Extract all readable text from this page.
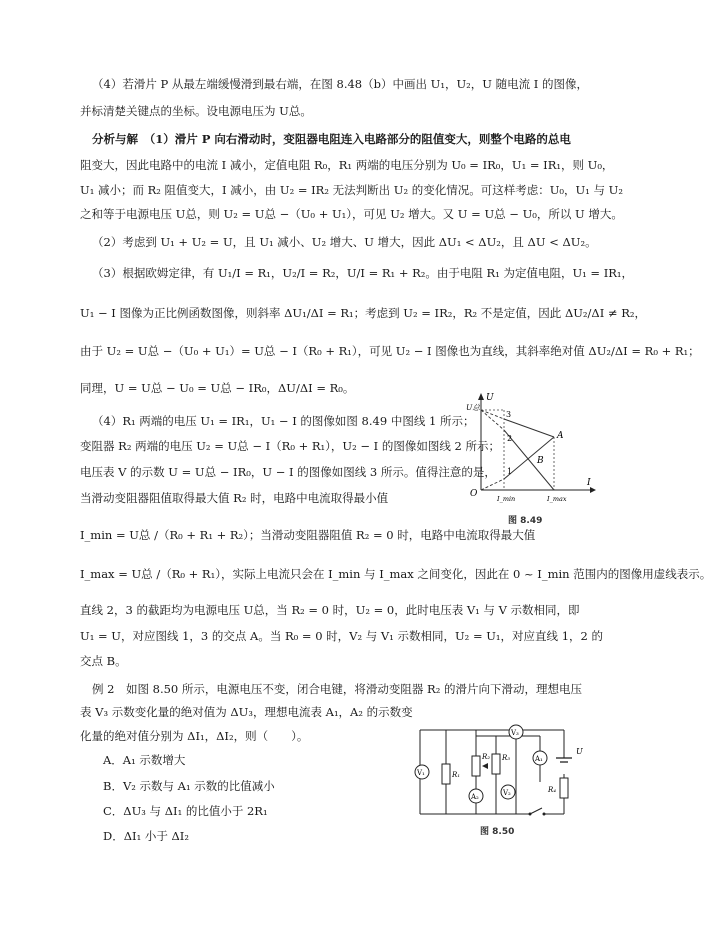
（4）若滑片 P 从最左端缓慢滑到最右端，在图 8.48（b）中画出 U₁，U₂，U 随电流 I 的图像，
并标清楚关键点的坐标。设电源电压为 U总。
分析与解　（1）滑片 P 向右滑动时，变阻器电阻连入电路部分的阻值变大，则整个电路的总电
阻变大，因此电路中的电流 I 减小，定值电阻 R₀，R₁ 两端的电压分别为 U₀ = IR₀，U₁ = IR₁，则 U₀，
U₁ 减小；而 R₂ 阻值变大，I 减小，由 U₂ = IR₂ 无法判断出 U₂ 的变化情况。可这样考虑：U₀，U₁ 与 U₂
之和等于电源电压 U总，则 U₂ = U总 −（U₀ + U₁），可见 U₂ 增大。又 U = U总 − U₀，所以 U 增大。
（2）考虑到 U₁ + U₂ = U，且 U₁ 减小、U₂ 增大、U 增大，因此 ΔU₁ < ΔU₂，且 ΔU < ΔU₂。
（3）根据欧姆定律，有 U₁/I = R₁，U₂/I = R₂，U/I = R₁ + R₂。由于电阻 R₁ 为定值电阻，U₁ = IR₁，
U₁ − I 图像为正比例函数图像，则斜率 ΔU₁/ΔI = R₁；考虑到 U₂ = IR₂，R₂ 不是定值，因此 ΔU₂/ΔI ≠ R₂，
由于 U₂ = U总 −（U₀ + U₁）= U总 − I（R₀ + R₁），可见 U₂ − I 图像也为直线，其斜率绝对值 ΔU₂/ΔI = R₀ + R₁；
同理，U = U总 − U₀ = U总 − IR₀，ΔU/ΔI = R₀。
（4）R₁ 两端的电压 U₁ = IR₁，U₁ − I 的图像如图 8.49 中图线 1 所示；
变阻器 R₂ 两端的电压 U₂ = U总 − I（R₀ + R₁），U₂ − I 的图像如图线 2 所示；
电压表 V 的示数 U = U总 − IR₀，U − I 的图像如图线 3 所示。值得注意的是，
当滑动变阻器阻值取得最大值 R₂ 时，电路中电流取得最小值
I_min = U总 /（R₀ + R₁ + R₂）；当滑动变阻器阻值 R₂ = 0 时，电路中电流取得最大值
I_max = U总 /（R₀ + R₁），实际上电流只会在 I_min 与 I_max 之间变化，因此在 0 ~ I_min 范围内的图像用虚线表示。
直线 2，3 的截距均为电源电压 U总，当 R₂ = 0 时，U₂ = 0，此时电压表 V₁ 与 V 示数相同，即
U₁ = U，对应图线 1，3 的交点 A。当 R₀ = 0 时，V₂ 与 V₁ 示数相同，U₂ = U₁，对应直线 1，2 的
交点 B。
例 2　如图 8.50 所示，电源电压不变，闭合电键，将滑动变阻器 R₂ 的滑片向下滑动，理想电压
表 V₃ 示数变化量的绝对值为 ΔU₃，理想电流表 A₁，A₂ 的示数变
化量的绝对值分别为 ΔI₁，ΔI₂，则（　　）。
A．A₁ 示数增大
B．V₂ 示数与 A₁ 示数的比值减小
C．ΔU₃ 与 ΔI₁ 的比值小于 2R₁
D．ΔI₁ 小于 ΔI₂
U
I
O
U总
3
2
1
A
B
I_min	I_max
图 8.49
V₁	R₁
R₂ R₃
V₃
A₁
A₂	V₂	R₄
U
图 8.50
